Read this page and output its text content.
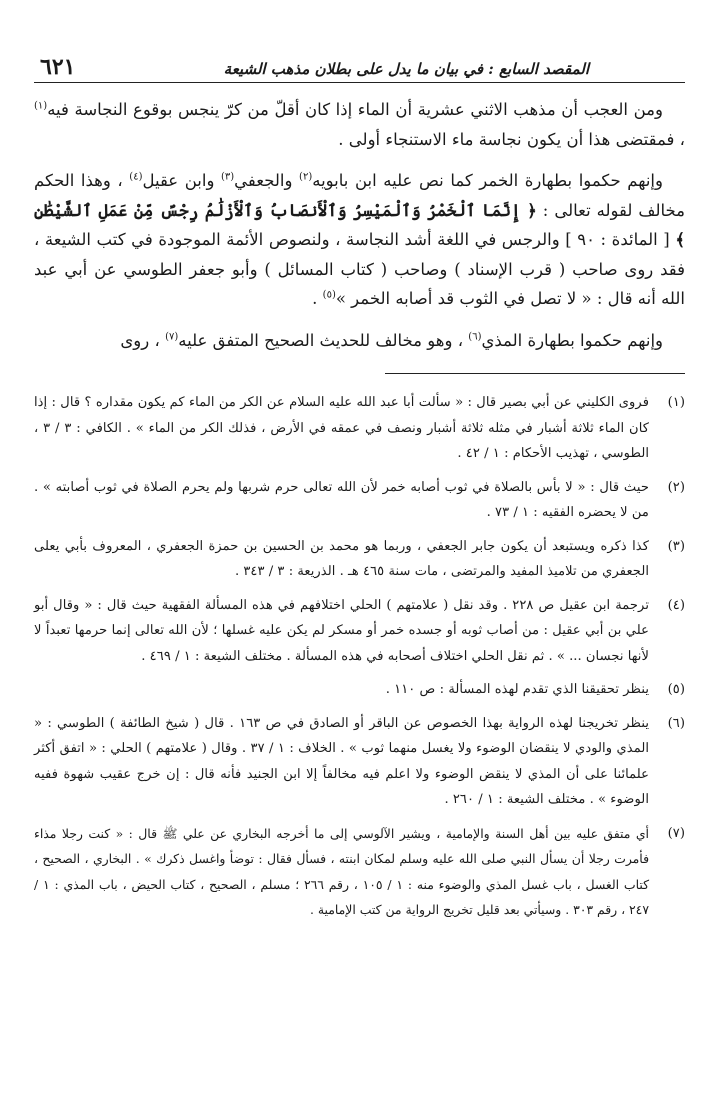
المقصد السابع : في بيان ما يدل على بطلان مذهب الشيعة
٦٢١

ومن العجب أن مذهب الاثني عشرية أن الماء إذا كان أقلّ من كرّ ينجس بوقوع النجاسة فيه$^{(١)}$ ، فمقتضى هذا أن يكون نجاسة ماء الاستنجاء أولى .

وإنهم حكموا بطهارة الخمر كما نص عليه ابن بابويه$^{(٢)}$ والجعفي$^{(٣)}$ وابن عقيل$^{(٤)}$ ، وهذا الحكم مخالف لقوله تعالى : ﴿ إِنَّمَا ٱلْخَمْرُ وَٱلْمَيْسِرُ وَٱلْأَنصَابُ وَٱلْأَزْلَٰمُ رِجْسٌ مِّنْ عَمَلِ ٱلشَّيْطَٰنِ ﴾ [ المائدة : ٩٠ ] والرجس في اللغة أشد النجاسة ، ولنصوص الأئمة الموجودة في كتب الشيعة ، فقد روى صاحب ( قرب الإسناد ) وصاحب ( كتاب المسائل ) وأبو جعفر الطوسي عن أبي عبد الله أنه قال : « لا تصل في الثوب قد أصابه الخمر »$^{(٥)}$ .

وإنهم حكموا بطهارة المذي$^{(٦)}$ ، وهو مخالف للحديث الصحيح المتفق عليه$^{(٧)}$ ، روى

(١)
فروى الكليني عن أبي بصير قال : « سألت أبا عبد الله عليه السلام عن الكر من الماء كم يكون مقداره ؟ قال : إذا كان الماء ثلاثة أشبار في مثله ثلاثة أشبار ونصف في عمقه في الأرض ، فذلك الكر من الماء » . الكافي : ٣ / ٣ ، الطوسي ، تهذيب الأحكام : ١ / ٤٢ .
(٢)
حيث قال : « لا بأس بالصلاة في ثوب أصابه خمر لأن الله تعالى حرم شربها ولم يحرم الصلاة في ثوب أصابته » . من لا يحضره الفقيه : ١ / ٧٣ .
(٣)
كذا ذكره ويستبعد أن يكون جابر الجعفي ، وربما هو محمد بن الحسين بن حمزة الجعفري ، المعروف بأبي يعلى الجعفري من تلاميذ المفيد والمرتضى ، مات سنة ٤٦٥ هـ . الذريعة : ٣ / ٣٤٣ .
(٤)
ترجمة ابن عقيل ص ٢٢٨ . وقد نقل ( علامتهم ) الحلي اختلافهم في هذه المسألة الفقهية حيث قال : « وقال أبو علي بن أبي عقيل : من أصاب ثوبه أو جسده خمر أو مسكر لم يكن عليه غسلها ؛ لأن الله تعالى إنما حرمها تعبداً لا لأنها نجسان ... » . ثم نقل الحلي اختلاف أصحابه في هذه المسألة . مختلف الشيعة : ١ / ٤٦٩ .
(٥)
ينظر تحقيقنا الذي تقدم لهذه المسألة : ص ١١٠ .
(٦)
ينظر تخريجنا لهذه الرواية بهذا الخصوص عن الباقر أو الصادق في ص ١٦٣ . قال ( شيخ الطائفة ) الطوسي : « المذي والودي لا ينقضان الوضوء ولا يغسل منهما ثوب » . الخلاف : ١ / ٣٧ . وقال ( علامتهم ) الحلي : « اتفق أكثر علمائنا على أن المذي لا ينقض الوضوء ولا اعلم فيه مخالفاً إلا ابن الجنيد فأنه قال : إن خرج عقيب شهوة ففيه الوضوء » . مختلف الشيعة : ١ / ٢٦٠ .
(٧)
أي متفق عليه بين أهل السنة والإمامية ، ويشير الآلوسي إلى ما أخرجه البخاري عن علي ﷺ قال : « كنت رجلا مذاء فأمرت رجلا أن يسأل النبي صلى الله عليه وسلم لمكان ابنته ، فسأل فقال : توضأ واغسل ذكرك » . البخاري ، الصحيح ، كتاب الغسل ، باب غسل المذي والوضوء منه : ١ / ١٠٥ ، رقم ٢٦٦ ؛ مسلم ، الصحيح ، كتاب الحيض ، باب المذي : ١ / ٢٤٧ ، رقم ٣٠٣ . وسيأتي بعد قليل تخريج الرواية من كتب الإمامية .
